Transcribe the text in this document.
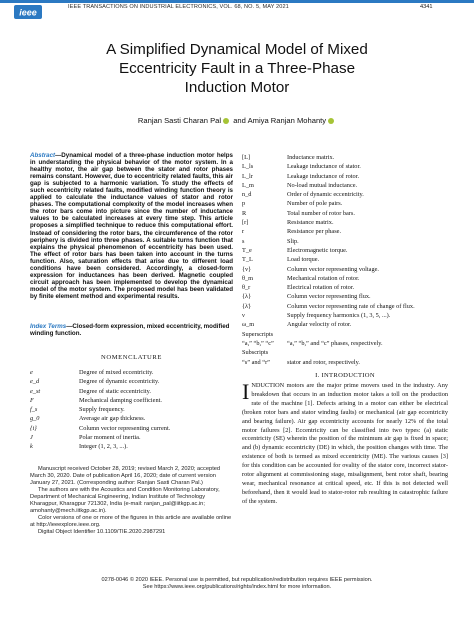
ieee
IEEE TRANSACTIONS ON INDUSTRIAL ELECTRONICS, VOL. 68, NO. 5, MAY 2021	4341
A Simplified Dynamical Model of Mixed
Eccentricity Fault in a Three-Phase
Induction Motor
Ranjan Sasti Charan Pal and Amiya Ranjan Mohanty
Abstract—Dynamical model of a three-phase induction motor helps in understanding the physical behavior of the motor system. In a healthy motor, the air gap between the stator and rotor phases remains constant. However, due to eccentricity related faults, this air gap is subjected to a harmonic variation. To study the effects of such eccentricity related faults, modified winding function theory is applied to calculate the inductance values of stator and rotor phases. The computational complexity of the model increases when the rotor bars come into picture since the number of inductance values to be calculated increases at every time step. This article proposes a simplified technique to reduce this computational effort. Instead of considering the rotor bars, the circumference of the rotor periphery is divided into three phases. A suitable turns function that explains the physical phenomenon of eccentricity has been used. The effect of rotor bars has been taken into account in the turns function. Also, saturation effects that arise due to different load conditions have been considered. Accordingly, a closed-form expression for inductances has been derived. Magnetic coupled circuit approach has been implemented to develop the dynamical model of the motor system. The proposed model has been validated by finite element method and experimental results.
Index Terms—Closed-form expression, mixed eccentricity, modified winding function.
NOMENCLATURE
e	Degree of mixed eccentricity.
e_d	Degree of dynamic eccentricity.
e_st	Degree of static eccentricity.
F	Mechanical damping coefficient.
f_s	Supply frequency.
g_0	Average air gap thickness.
{i}	Column vector representing current.
J	Polar moment of inertia.
k	Integer (1, 2, 3, ...).

Manuscript received October 28, 2019; revised March 2, 2020; accepted March 30, 2020. Date of publication April 16, 2020; date of current version January 27, 2021. (Corresponding author: Ranjan Sasti Charan Pal.)

The authors are with the Acoustics and Condition Monitoring Laboratory, Department of Mechanical Engineering, Indian Institute of Technology Kharagpur, Kharagpur 721302, India (e-mail: ranjan_pal@iitkgp.ac.in; amohanty@mech.iitkgp.ac.in).

Color versions of one or more of the figures in this article are available online at http://ieeexplore.ieee.org.

Digital Object Identifier 10.1109/TIE.2020.2987291

[L]	Inductance matrix.
L_ls	Leakage inductance of stator.
L_lr	Leakage inductance of rotor.
L_m	No-load mutual inductance.
n_d	Order of dynamic eccentricity.
p	Number of pole pairs.
R	Total number of rotor bars.
[r]	Resistance matrix.
r	Resistance per phase.
s	Slip.
T_e	Electromagnetic torque.
T_L	Load torque.
{v}	Column vector representing voltage.
θ_m	Mechanical rotation of rotor.
θ_r	Electrical rotation of rotor.
{λ}	Column vector representing flux.
{λ̇}	Column vector representing rate of change of flux.
ν	Supply frequency harmonics (1, 3, 5, ...).
ω_m	Angular velocity of rotor.
Superscripts
“a,” “b,” “c”	“a,” “b,” and “c” phases, respectively.
Subscripts
“s” and “r”	stator and rotor, respectively.
I. INTRODUCTION
INDUCTION motors are the major prime movers used in the industry. Any breakdown that occurs in an induction motor takes a toll on the production rate of the machine [1]. Defects arising in a motor can either be electrical (broken rotor bars and stator winding faults) or mechanical (air gap eccentricity and bearing failure). Air gap eccentricity accounts for nearly 12% of the total motor failures [2]. Eccentricity can be classified into two types: (a) static eccentricity (SE) wherein the position of the minimum air gap is fixed in space; and (b) dynamic eccentricity (DE) in which, the position changes with time. The existence of both is termed as mixed eccentricity (ME). The various causes [3] for this condition can be accounted for ovality of the stator core, incorrect stator-rotor alignment at commissioning stage, misalignment, bent rotor shaft, bearing wear, mechanical resonance at critical speed, etc. If this is not detected well beforehand, then it would lead to stator-rotor rub resulting in catastrophic failure of the system.
0278-0046 © 2020 IEEE. Personal use is permitted, but republication/redistribution requires IEEE permission.
See https://www.ieee.org/publications/rights/index.html for more information.
